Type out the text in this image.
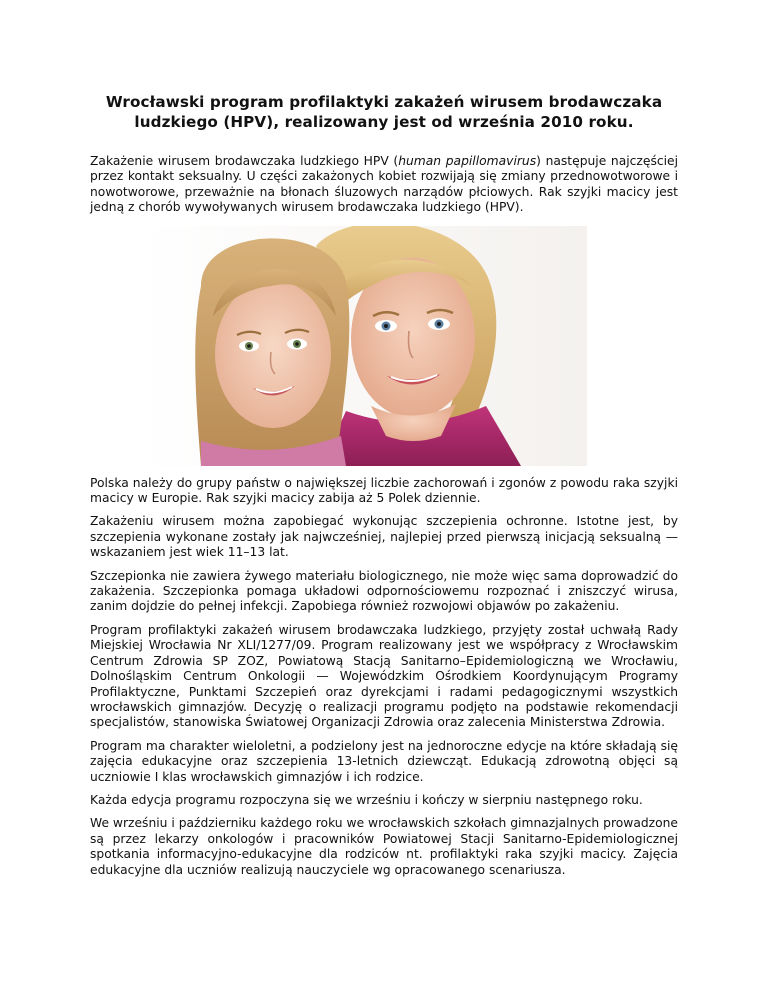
Wrocławski program profilaktyki zakażeń wirusem brodawczaka ludzkiego (HPV), realizowany jest od września 2010 roku.

Zakażenie wirusem brodawczaka ludzkiego HPV (human papillomavirus) następuje najczęściej przez kontakt seksualny. U części zakażonych kobiet rozwijają się zmiany przednowotworowe i nowotworowe, przeważnie na błonach śluzowych narządów płciowych. Rak szyjki macicy jest jedną z chorób wywoływanych wirusem brodawczaka ludzkiego (HPV).

Polska należy do grupy państw o największej liczbie zachorowań i zgonów z powodu raka szyjki macicy w Europie. Rak szyjki macicy zabija aż 5 Polek dziennie.

Zakażeniu wirusem można zapobiegać wykonując szczepienia ochronne. Istotne jest, by szczepienia wykonane zostały jak najwcześniej, najlepiej przed pierwszą inicjacją seksualną — wskazaniem jest wiek 11–13 lat.

Szczepionka nie zawiera żywego materiału biologicznego, nie może więc sama doprowadzić do zakażenia. Szczepionka pomaga układowi odpornościowemu rozpoznać i zniszczyć wirusa, zanim dojdzie do pełnej infekcji. Zapobiega również rozwojowi objawów po zakażeniu.

Program profilaktyki zakażeń wirusem brodawczaka ludzkiego, przyjęty został uchwałą Rady Miejskiej Wrocławia Nr XLI/1277/09. Program realizowany jest we współpracy z Wrocławskim Centrum Zdrowia SP ZOZ, Powiatową Stacją Sanitarno–Epidemiologiczną we Wrocławiu, Dolnośląskim Centrum Onkologii — Wojewódzkim Ośrodkiem Koordynującym Programy Profilaktyczne, Punktami Szczepień oraz dyrekcjami i radami pedagogicznymi wszystkich wrocławskich gimnazjów. Decyzję o realizacji programu podjęto na podstawie rekomendacji specjalistów, stanowiska Światowej Organizacji Zdrowia oraz zalecenia Ministerstwa Zdrowia.

Program ma charakter wieloletni, a podzielony jest na jednoroczne edycje na które składają się zajęcia edukacyjne oraz szczepienia 13-letnich dziewcząt. Edukacją zdrowotną objęci są uczniowie I klas wrocławskich gimnazjów i ich rodzice.

Każda edycja programu rozpoczyna się we wrześniu i kończy w sierpniu następnego roku.

We wrześniu i październiku każdego roku we wrocławskich szkołach gimnazjalnych prowadzone są przez lekarzy onkologów i pracowników Powiatowej Stacji Sanitarno-Epidemiologicznej spotkania informacyjno-edukacyjne dla rodziców nt. profilaktyki raka szyjki macicy. Zajęcia edukacyjne dla uczniów realizują nauczyciele wg opracowanego scenariusza.
